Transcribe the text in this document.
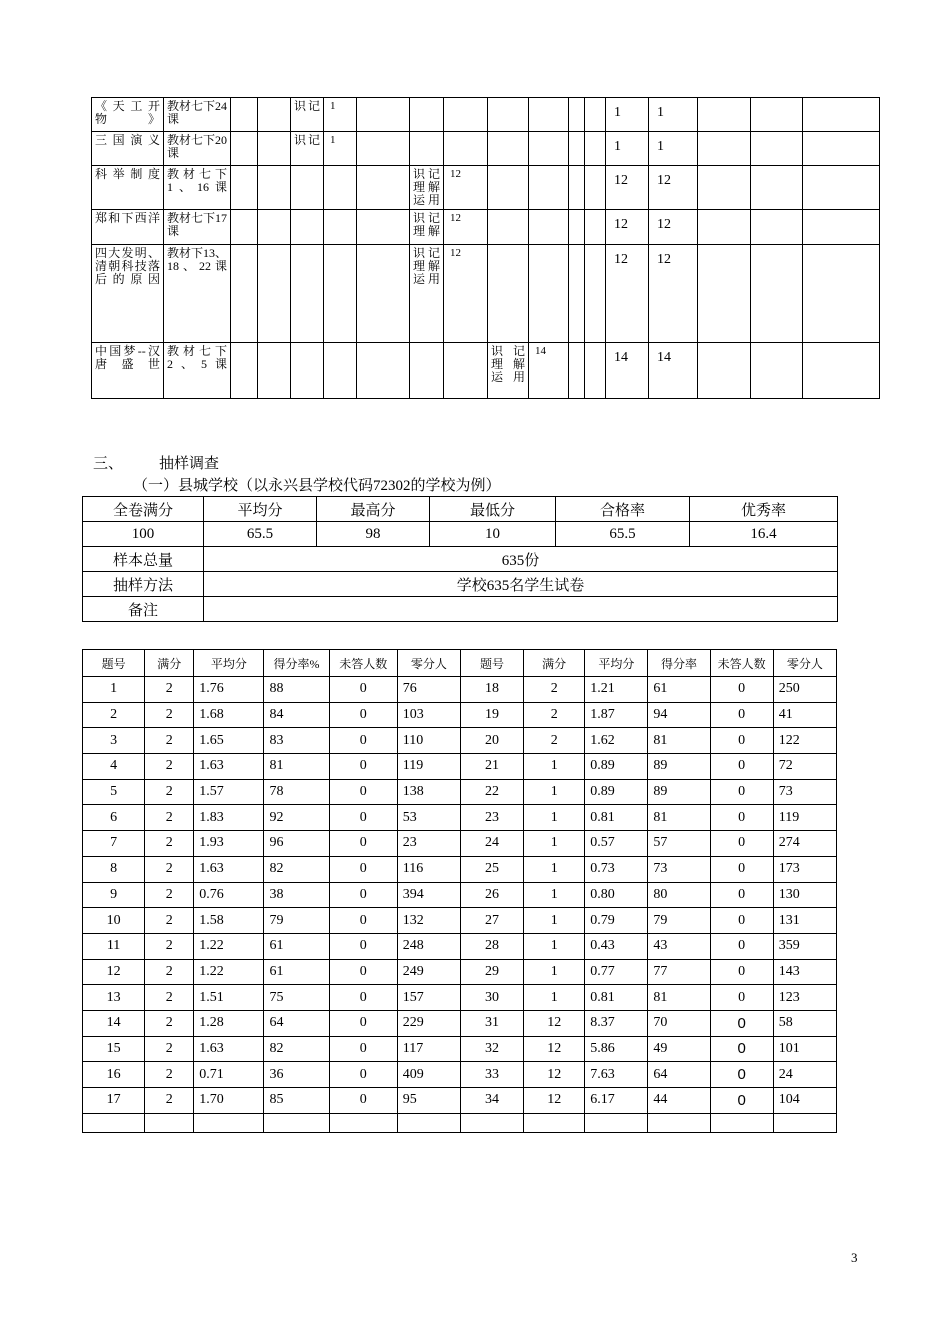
《天工开物》	教材七下24课			识记	1								1	1			
三国演义	教材七下20课			识记	1								1	1			
科举制度	教材七下1、16课						识记理解运用	12					12	12			
郑和下西洋	教材七下17课						识记理解	12					12	12			
四大发明、清朝科技落后的原因	教材下13、18、22课						识记理解运用	12					12	12			
中国梦--汉唐盛世	教材七下2、5课								识记理解运用	14			14	14			
三、 抽样调查
（一）县城学校（以永兴县学校代码72302的学校为例）
全卷满分	平均分	最高分	最低分	合格率	优秀率
100	65.5	98	10	65.5	16.4
样本总量	635份				
抽样方法	学校635名学生试卷				
备注					
题号	满分	平均分	得分率%	未答人数	零分人	题号	满分	平均分	得分率	未答人数	零分人
1	2	1.76	88	0	76	18	2	1.21	61	0	250
2	2	1.68	84	0	103	19	2	1.87	94	0	41
3	2	1.65	83	0	110	20	2	1.62	81	0	122
4	2	1.63	81	0	119	21	1	0.89	89	0	72
5	2	1.57	78	0	138	22	1	0.89	89	0	73
6	2	1.83	92	0	53	23	1	0.81	81	0	119
7	2	1.93	96	0	23	24	1	0.57	57	0	274
8	2	1.63	82	0	116	25	1	0.73	73	0	173
9	2	0.76	38	0	394	26	1	0.80	80	0	130
10	2	1.58	79	0	132	27	1	0.79	79	0	131
11	2	1.22	61	0	248	28	1	0.43	43	0	359
12	2	1.22	61	0	249	29	1	0.77	77	0	143
13	2	1.51	75	0	157	30	1	0.81	81	0	123
14	2	1.28	64	0	229	31	12	8.37	70	0	58
15	2	1.63	82	0	117	32	12	5.86	49	0	101
16	2	0.71	36	0	409	33	12	7.63	64	0	24
17	2	1.70	85	0	95	34	12	6.17	44	0	104

3
